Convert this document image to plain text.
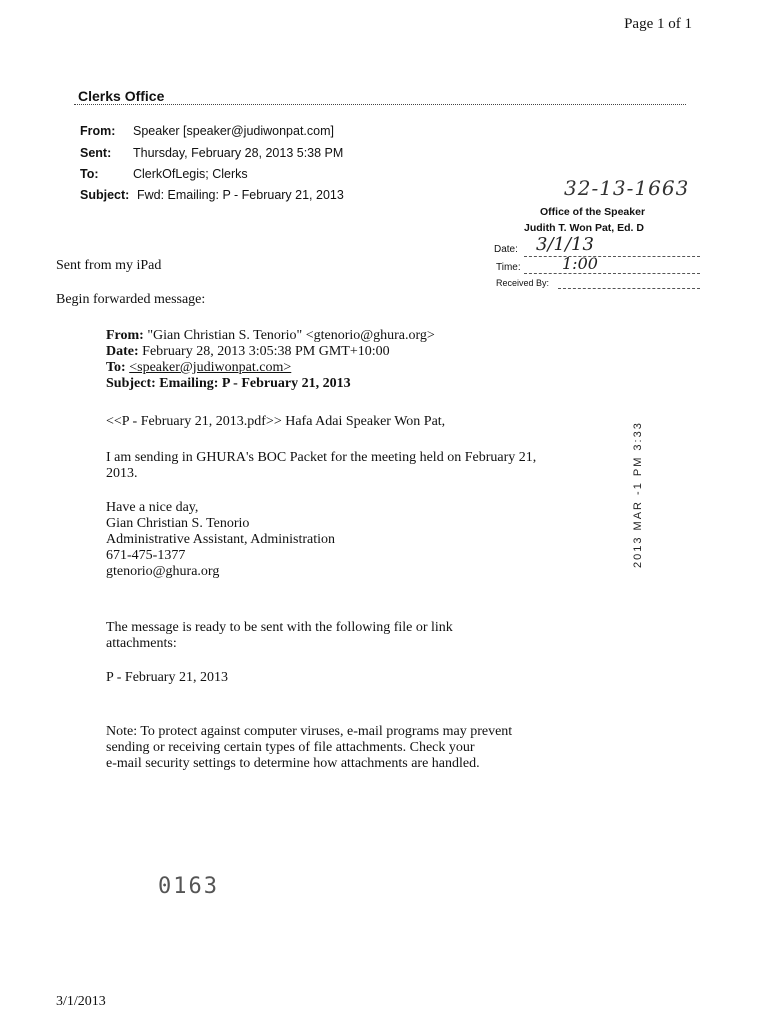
Page 1 of 1
Clerks Office
From: Speaker [speaker@judiwonpat.com]
Sent: Thursday, February 28, 2013 5:38 PM
To:	ClerkOfLegis; Clerks
Subject: Fwd: Emailing: P - February 21, 2013	32-13-1663
Office of the Speaker
Judith T. Won Pat, Ed. D
Date: 3/1/13
Time:	1:00
Received By:
2013 MAR -1 PM 3:33
Sent from my iPad
Begin forwarded message:
From: "Gian Christian S. Tenorio" <gtenorio@ghura.org>
Date: February 28, 2013 3:05:38 PM GMT+10:00
To: <speaker@judiwonpat.com>
Subject: Emailing: P - February 21, 2013
<<P - February 21, 2013.pdf>> Hafa Adai Speaker Won Pat,
I am sending in GHURA's BOC Packet for the meeting held on February 21,
2013.
Have a nice day,
Gian Christian S. Tenorio
Administrative Assistant, Administration
671-475-1377
gtenorio@ghura.org
The message is ready to be sent with the following file or link
attachments:
P - February 21, 2013
Note: To protect against computer viruses, e-mail programs may prevent
sending or receiving certain types of file attachments. Check your
e-mail security settings to determine how attachments are handled.
0163
3/1/2013
